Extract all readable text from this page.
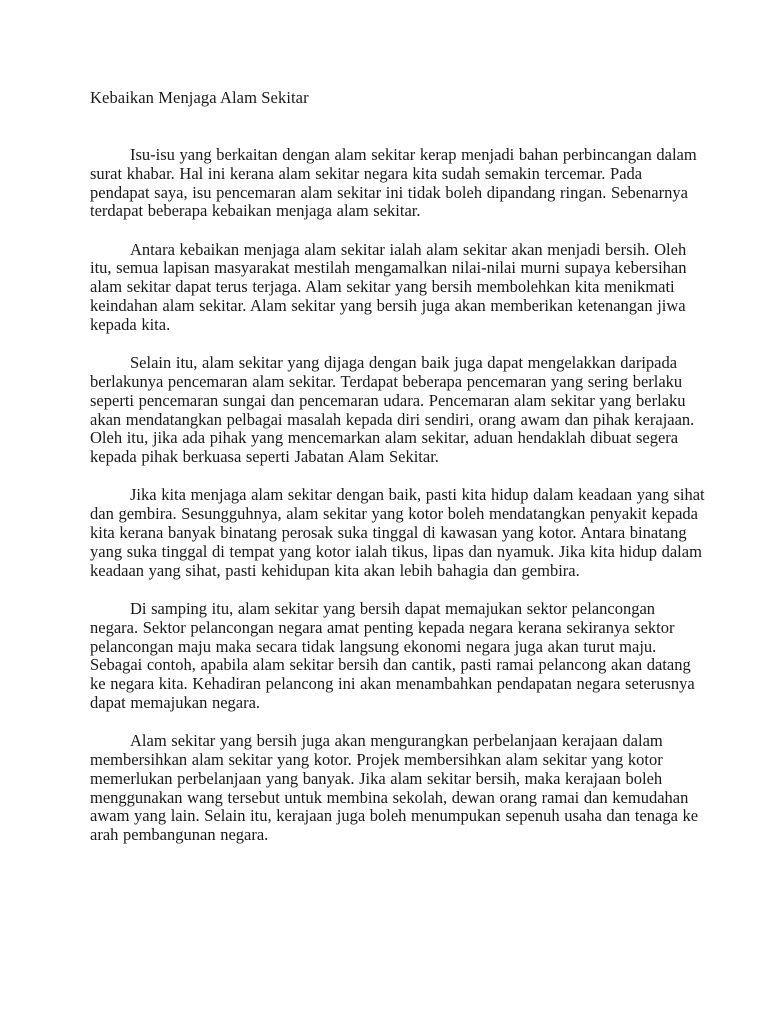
Kebaikan Menjaga Alam Sekitar

Isu-isu yang berkaitan dengan alam sekitar kerap menjadi bahan perbincangan dalam surat khabar. Hal ini kerana alam sekitar negara kita sudah semakin tercemar. Pada pendapat saya, isu pencemaran alam sekitar ini tidak boleh dipandang ringan. Sebenarnya terdapat beberapa kebaikan menjaga alam sekitar.

Antara kebaikan menjaga alam sekitar ialah alam sekitar akan menjadi bersih. Oleh itu, semua lapisan masyarakat mestilah mengamalkan nilai-nilai murni supaya kebersihan alam sekitar dapat terus terjaga. Alam sekitar yang bersih membolehkan kita menikmati keindahan alam sekitar. Alam sekitar yang bersih juga akan memberikan ketenangan jiwa kepada kita.

Selain itu, alam sekitar yang dijaga dengan baik juga dapat mengelakkan daripada berlakunya pencemaran alam sekitar. Terdapat beberapa pencemaran yang sering berlaku seperti pencemaran sungai dan pencemaran udara. Pencemaran alam sekitar yang berlaku akan mendatangkan pelbagai masalah kepada diri sendiri, orang awam dan pihak kerajaan. Oleh itu, jika ada pihak yang mencemarkan alam sekitar, aduan hendaklah dibuat segera kepada pihak berkuasa seperti Jabatan Alam Sekitar.

Jika kita menjaga alam sekitar dengan baik, pasti kita hidup dalam keadaan yang sihat dan gembira. Sesungguhnya, alam sekitar yang kotor boleh mendatangkan penyakit kepada kita kerana banyak binatang perosak suka tinggal di kawasan yang kotor. Antara binatang yang suka tinggal di tempat yang kotor ialah tikus, lipas dan nyamuk. Jika kita hidup dalam keadaan yang sihat, pasti kehidupan kita akan lebih bahagia dan gembira.

Di samping itu, alam sekitar yang bersih dapat memajukan sektor pelancongan negara. Sektor pelancongan negara amat penting kepada negara kerana sekiranya sektor pelancongan maju maka secara tidak langsung ekonomi negara juga akan turut maju. Sebagai contoh, apabila alam sekitar bersih dan cantik, pasti ramai pelancong akan datang ke negara kita. Kehadiran pelancong ini akan menambahkan pendapatan negara seterusnya dapat memajukan negara.

Alam sekitar yang bersih juga akan mengurangkan perbelanjaan kerajaan dalam membersihkan alam sekitar yang kotor. Projek membersihkan alam sekitar yang kotor memerlukan perbelanjaan yang banyak. Jika alam sekitar bersih, maka kerajaan boleh menggunakan wang tersebut untuk membina sekolah, dewan orang ramai dan kemudahan awam yang lain. Selain itu, kerajaan juga boleh menumpukan sepenuh usaha dan tenaga ke arah pembangunan negara.
